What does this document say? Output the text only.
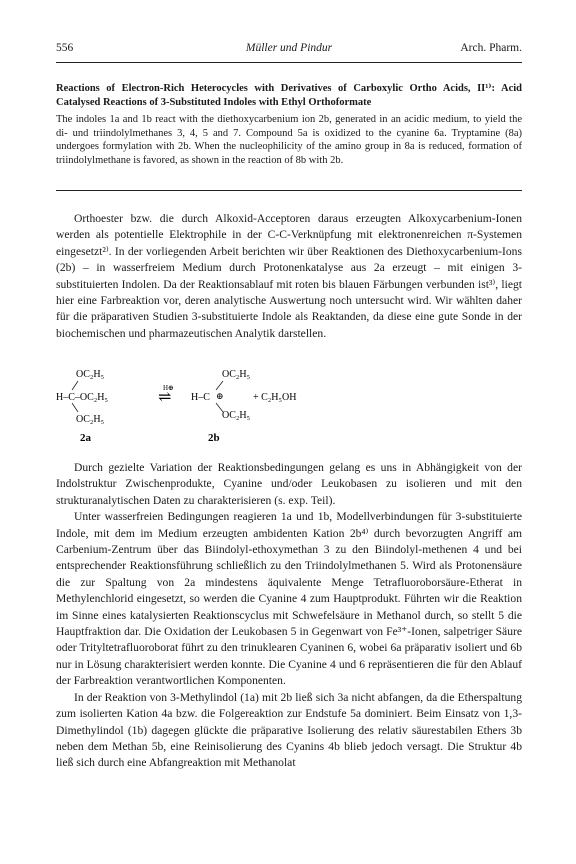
556	Müller und Pindur	Arch. Pharm.
Reactions of Electron-Rich Heterocycles with Derivatives of Carboxylic Ortho Acids, II¹⁾: Acid Catalysed Reactions of 3-Substituted Indoles with Ethyl Orthoformate

The indoles 1a and 1b react with the diethoxycarbenium ion 2b, generated in an acidic medium, to yield the di- und triindolylmethanes 3, 4, 5 and 7. Compound 5a is oxidized to the cyanine 6a. Tryptamine (8a) undergoes formylation with 2b. When the nucleophilicity of the amino group in 8a is reduced, formation of triindolylmethane is favored, as shown in the reaction of 8b with 2b.

Orthoester bzw. die durch Alkoxid-Acceptoren daraus erzeugten Alkoxycarbenium-Ionen werden als potentielle Elektrophile in der C-C-Verknüpfung mit elektronenreichen π-Systemen eingesetzt²⁾. In der vorliegenden Arbeit berichten wir über Reaktionen des Diethoxycarbenium-Ions (2b) – in wasserfreiem Medium durch Protonenkatalyse aus 2a erzeugt – mit einigen 3-substituierten Indolen. Da der Reaktionsablauf mit roten bis blauen Färbungen verbunden ist³⁾, liegt hier eine Farbreaktion vor, deren analytische Auswertung noch untersucht wird. Wir wählten daher für die präparativen Studien 3-substituierte Indole als Reaktanden, da diese eine gute Sonde in der biochemischen und pharmazeutischen Analytik darstellen.

OC₂H₅
H–C–OC₂H₅
OC₂H₅
2a
H⊕
⇌
OC₂H₅
H–C ⊕
OC₂H₅
+ C₂H₅OH
2b

Durch gezielte Variation der Reaktionsbedingungen gelang es uns in Abhängigkeit von der Indolstruktur Zwischenprodukte, Cyanine und/oder Leukobasen zu isolieren und mit den strukturanalytischen Daten zu charakterisieren (s. exp. Teil).

Unter wasserfreien Bedingungen reagieren 1a und 1b, Modellverbindungen für 3-substituierte Indole, mit dem im Medium erzeugten ambidenten Kation 2b⁴⁾ durch bevorzugten Angriff am Carbenium-Zentrum über das Biindolyl-ethoxymethan 3 zu den Biindolyl-methenen 4 und bei entsprechender Reaktionsführung schließlich zu den Triindolylmethanen 5. Wird als Protonensäure die zur Spaltung von 2a mindestens äquivalente Menge Tetrafluoroborsäure-Etherat in Methylenchlorid eingesetzt, so werden die Cyanine 4 zum Hauptprodukt. Führten wir die Reaktion im Sinne eines katalysierten Reaktionscyclus mit Schwefelsäure in Methanol durch, so stellt 5 die Hauptfraktion dar. Die Oxidation der Leukobasen 5 in Gegenwart von Fe³⁺-Ionen, salpetriger Säure oder Trityltetrafluoroborat führt zu den trinuklearen Cyaninen 6, wobei 6a präparativ isoliert und 6b nur in Lösung charakterisiert werden konnte. Die Cyanine 4 und 6 repräsentieren die für den Ablauf der Farbreaktion verantwortlichen Komponenten.

In der Reaktion von 3-Methylindol (1a) mit 2b ließ sich 3a nicht abfangen, da die Etherspaltung zum isolierten Kation 4a bzw. die Folgereaktion zur Endstufe 5a dominiert. Beim Einsatz von 1,3-Dimethylindol (1b) dagegen glückte die präparative Isolierung des relativ säurestabilen Ethers 3b neben dem Methan 5b, eine Reinisolierung des Cyanins 4b blieb jedoch versagt. Die Struktur 4b ließ sich durch eine Abfangreaktion mit Methanolat
